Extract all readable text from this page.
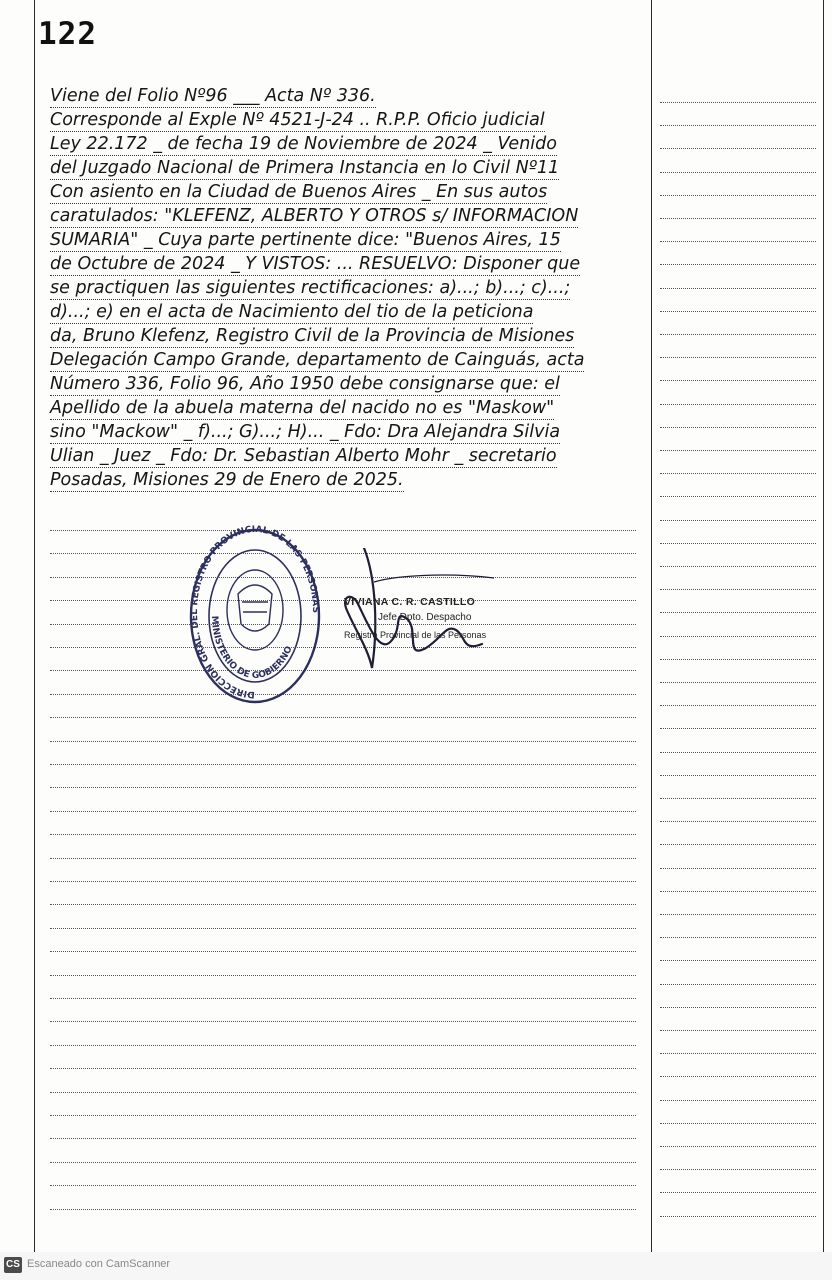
122
Viene del Folio Nº96 ___ Acta Nº 336.
Corresponde al Exple Nº 4521-J-24 .. R.P.P. Oficio judicial
Ley 22.172 _ de fecha 19 de Noviembre de 2024 _ Venido
del Juzgado Nacional de Primera Instancia en lo Civil Nº11
Con asiento en la Ciudad de Buenos Aires _ En sus autos
caratulados: "KLEFENZ, ALBERTO Y OTROS s/ INFORMACION
SUMARIA" _ Cuya parte pertinente dice: "Buenos Aires, 15
de Octubre de 2024 _ Y VISTOS: ... RESUELVO: Disponer que
se practiquen las siguientes rectificaciones: a)...; b)...; c)...;
d)...; e) en el acta de Nacimiento del tio de la peticiona
da, Bruno Klefenz, Registro Civil de la Provincia de Misiones
Delegación Campo Grande, departamento de Cainguás, acta
Número 336, Folio 96, Año 1950 debe consignarse que: el
Apellido de la abuela materna del nacido no es "Maskow"
sino "Mackow" _ f)...; G)...; H)... _ Fdo: Dra Alejandra Silvia
Ulian _ Juez _ Fdo: Dr. Sebastian Alberto Mohr _ secretario
Posadas, Misiones 29 de Enero de 2025.
DIRECCION GRAL. DEL REGISTRO PROVINCIAL DE LAS PERSONAS
MINISTERIO DE GOBIERNO
VIVIANA C. R. CASTILLO
Jefe Dpto. Despacho
Registro Provincial de las Personas
CS Escaneado con CamScanner
